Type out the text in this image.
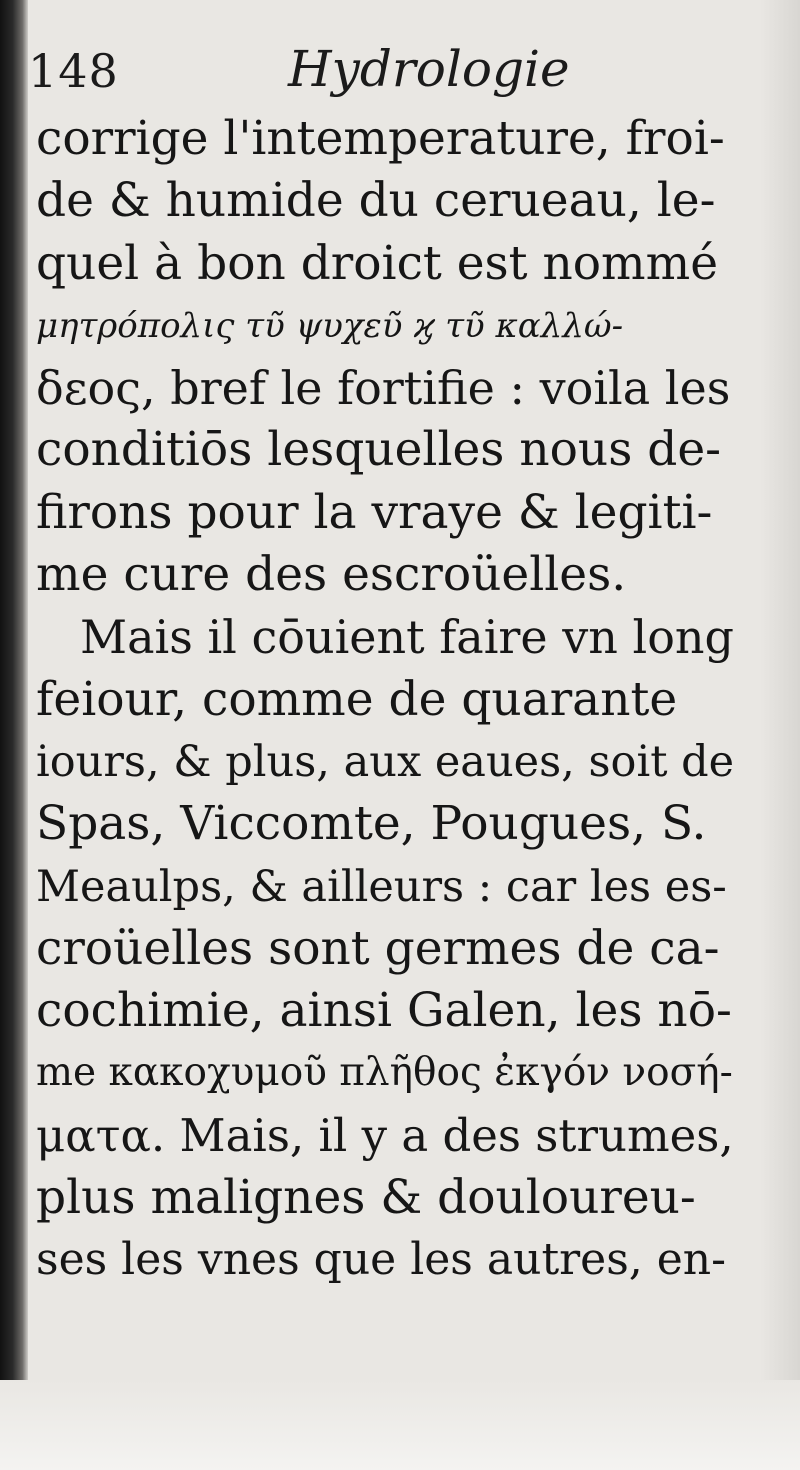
148	Hydrologie
corrige l'intemperature, froi-
de & humide du cerueau, le-
quel à bon droict est nommé
μητρόπολις τῦ ψυχεῦ ϗ τῦ καλλώ-
δεος, bref le fortifie : voila les
conditiōs lesquelles nous de-
firons pour la vraye & legiti-
me cure des escroüelles.
Mais il cōuient faire vn long
feiour, comme de quarante
iours, & plus, aux eaues, soit de
Spas, Viccomte, Pougues, S.
Meaulps, & ailleurs : car les es-
croüelles sont germes de ca-
cochimie, ainsi Galen, les nō-
me κακοχυμοῦ πλῆθος ἐκγόν νοσή-
ματα. Mais, il y a des strumes,
plus malignes & douloureu-
ses les vnes que les autres, en-
